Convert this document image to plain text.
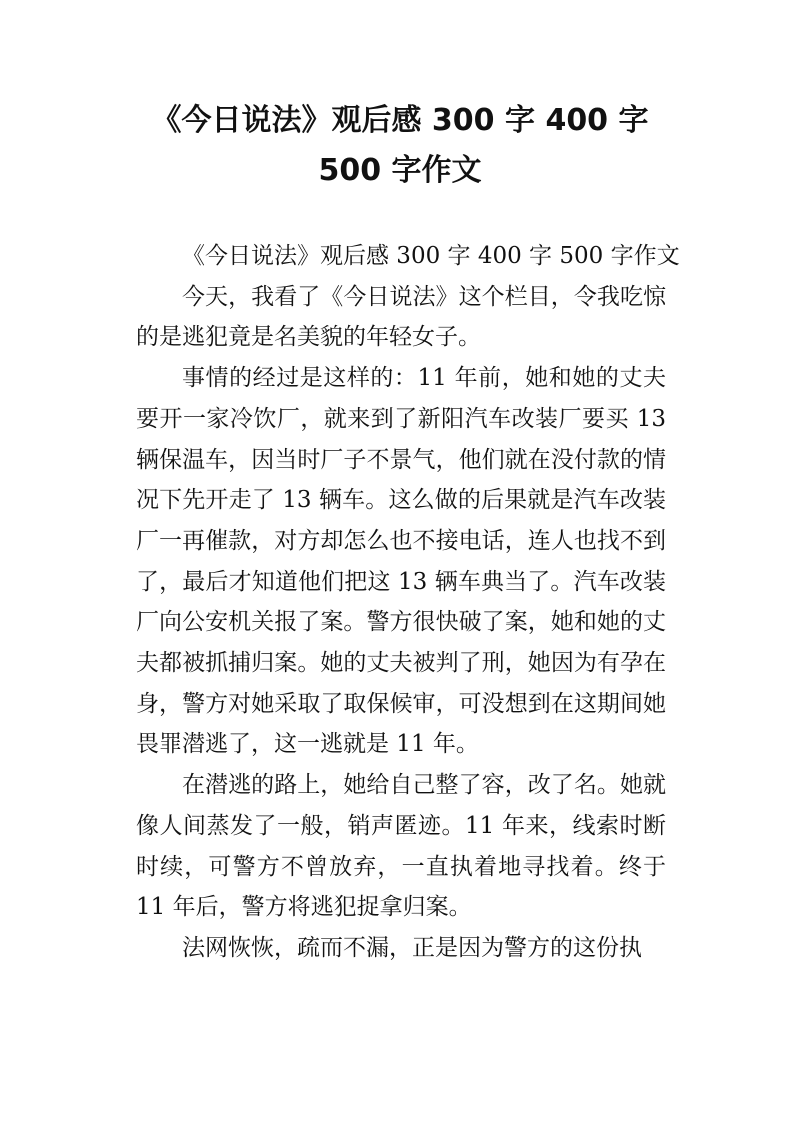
《今日说法》观后感 300 字 400 字
500 字作文

《今日说法》观后感 300 字 400 字 500 字作文

今天，我看了《今日说法》这个栏目，令我吃惊的是逃犯竟是名美貌的年轻女子。

事情的经过是这样的：11 年前，她和她的丈夫要开一家冷饮厂，就来到了新阳汽车改装厂要买 13 辆保温车，因当时厂子不景气，他们就在没付款的情况下先开走了 13 辆车。这么做的后果就是汽车改装厂一再催款，对方却怎么也不接电话，连人也找不到了，最后才知道他们把这 13 辆车典当了。汽车改装厂向公安机关报了案。警方很快破了案，她和她的丈夫都被抓捕归案。她的丈夫被判了刑，她因为有孕在身，警方对她采取了取保候审，可没想到在这期间她畏罪潜逃了，这一逃就是 11 年。

在潜逃的路上，她给自己整了容，改了名。她就像人间蒸发了一般，销声匿迹。11 年来，线索时断时续，可警方不曾放弃，一直执着地寻找着。终于 11 年后，警方将逃犯捉拿归案。

法网恢恢，疏而不漏，正是因为警方的这份执
